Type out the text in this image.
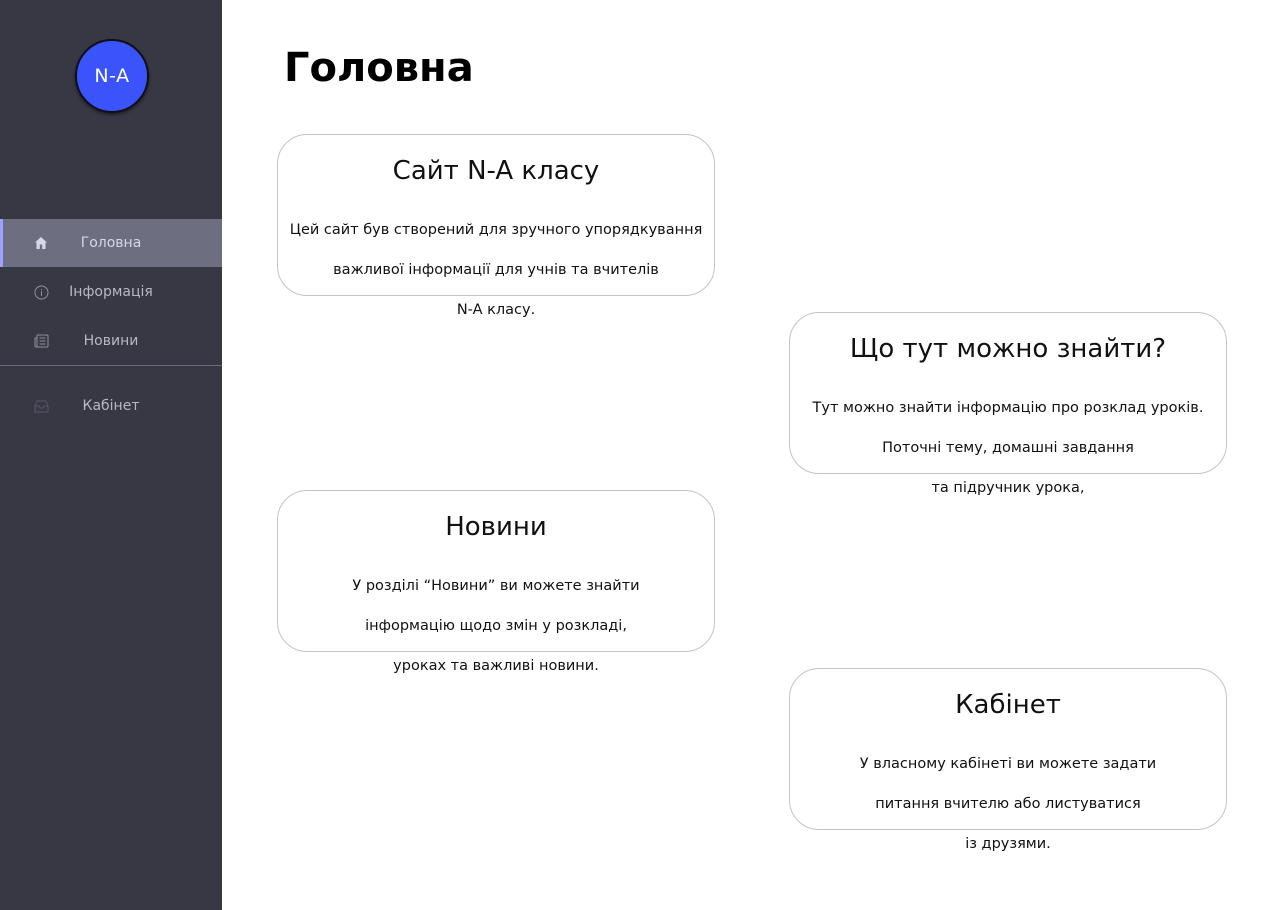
N-A
Головна
Інформація
Новини
Кабінет
Головна
Сайт N-A класу

Цей сайт був створений для зручного упорядкування

важливої інформації для учнів та вчителів

N-A класу.

Що тут можно знайти?

Тут можно знайти інформацію про розклад уроків.

Поточні тему, домашні завдання

та підручник урока,

Новини

У розділі “Новини” ви можете знайти

інформацію щодо змін у розкладі,

уроках та важливі новини.

Кабінет

У власному кабінеті ви можете задати

питання вчителю або листуватися

із друзями.
